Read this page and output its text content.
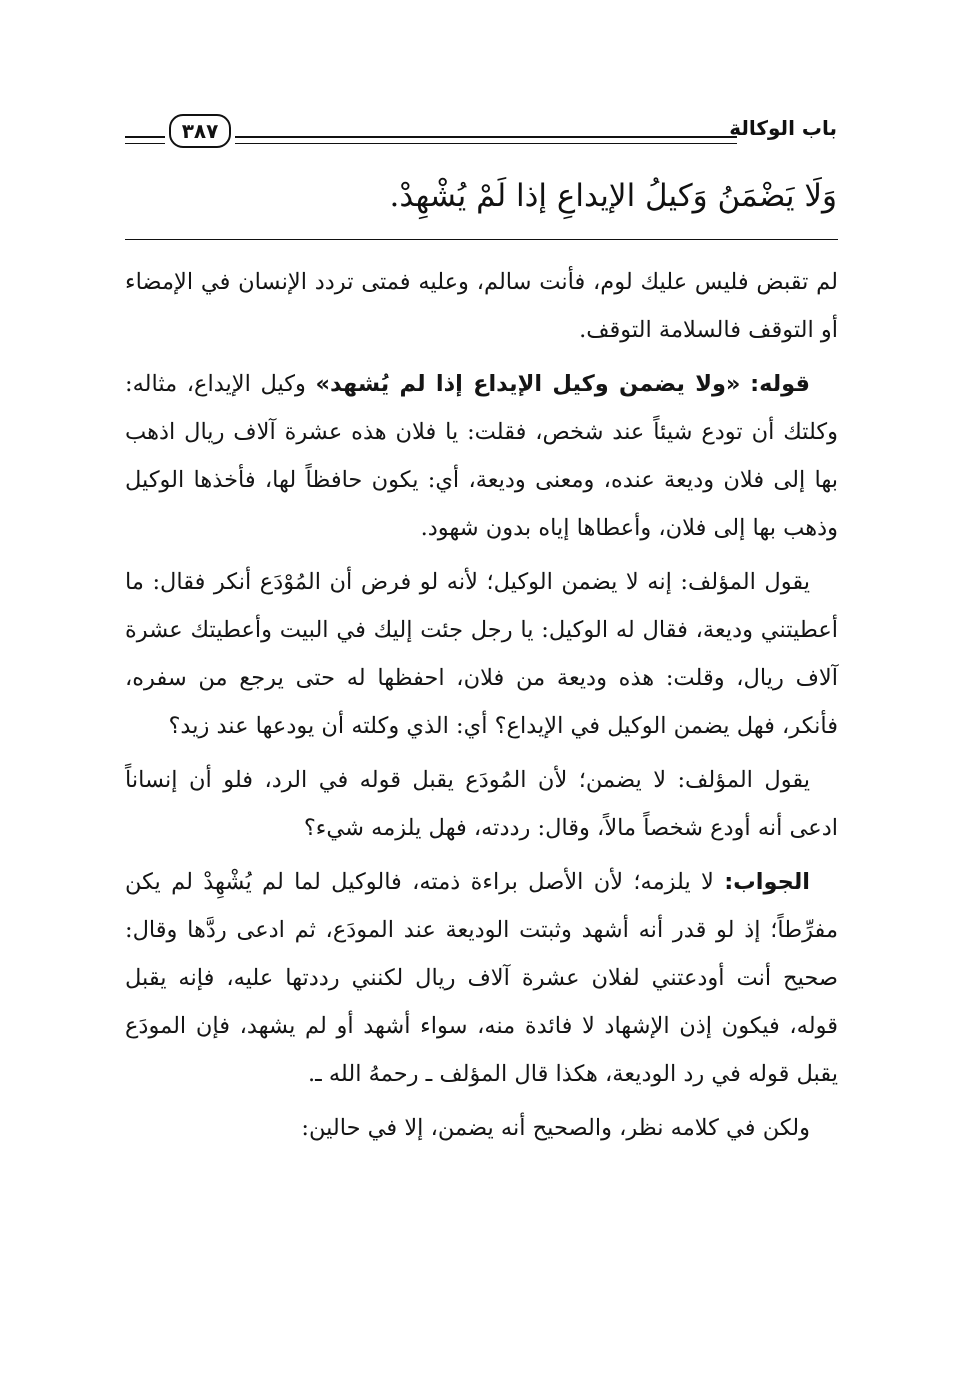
٣٨٧	باب الوكالة
وَلَا يَضْمَنُ وَكيلُ الإيداعِ إذا لَمْ يُشْهِدْ.

لم تقبض فليس عليك لوم، فأنت سالم، وعليه فمتى تردد الإنسان في الإمضاء أو التوقف فالسلامة التوقف.

قوله: «ولا يضمن وكيل الإيداع إذا لم يُشهد» وكيل الإيداع، مثاله: وكلتك أن تودع شيئاً عند شخص، فقلت: يا فلان هذه عشرة آلاف ريال اذهب بها إلى فلان وديعة عنده، ومعنى وديعة، أي: يكون حافظاً لها، فأخذها الوكيل وذهب بها إلى فلان، وأعطاها إياه بدون شهود.

يقول المؤلف: إنه لا يضمن الوكيل؛ لأنه لو فرض أن المُوْدَع أنكر فقال: ما أعطيتني وديعة، فقال له الوكيل: يا رجل جئت إليك في البيت وأعطيتك عشرة آلاف ريال، وقلت: هذه وديعة من فلان، احفظها له حتى يرجع من سفره، فأنكر، فهل يضمن الوكيل في الإيداع؟ أي: الذي وكلته أن يودعها عند زيد؟

يقول المؤلف: لا يضمن؛ لأن المُودَع يقبل قوله في الرد، فلو أن إنساناً ادعى أنه أودع شخصاً مالاً، وقال: رددته، فهل يلزمه شيء؟

الجواب: لا يلزمه؛ لأن الأصل براءة ذمته، فالوكيل لما لم يُشْهِدْ لم يكن مفرِّطاً؛ إذ لو قدر أنه أشهد وثبتت الوديعة عند المودَع، ثم ادعى ردَّها وقال: صحيح أنت أودعتني لفلان عشرة آلاف ريال لكنني رددتها عليه، فإنه يقبل قوله، فيكون إذن الإشهاد لا فائدة منه، سواء أشهد أو لم يشهد، فإن المودَع يقبل قوله في رد الوديعة، هكذا قال المؤلف ـ رحمهُ الله ـ.

ولكن في كلامه نظر، والصحيح أنه يضمن، إلا في حالين:
